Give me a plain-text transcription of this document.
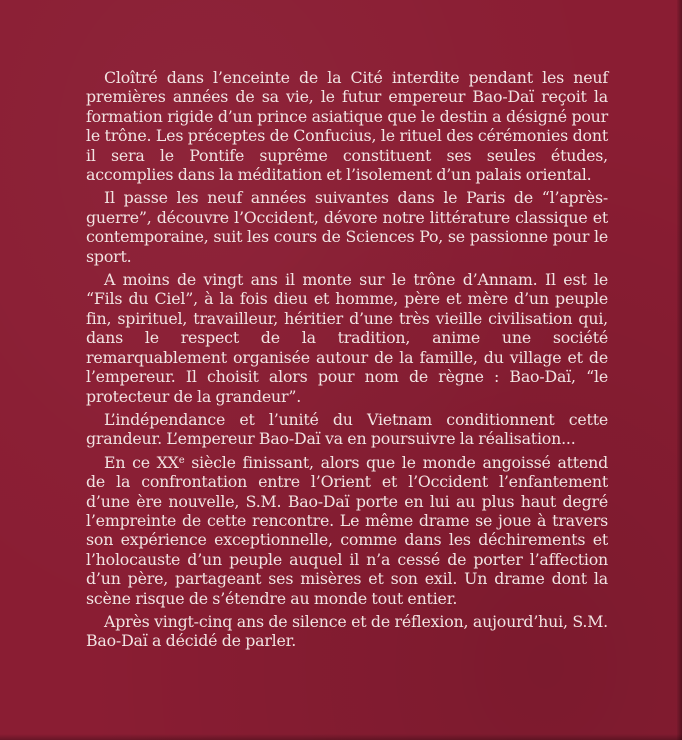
Cloîtré dans l’enceinte de la Cité interdite pendant les neuf premières années de sa vie, le futur empereur Bao-Daï reçoit la formation rigide d’un prince asiatique que le destin a désigné pour le trône. Les préceptes de Confucius, le rituel des cérémonies dont il sera le Pontife suprême constituent ses seules études, accomplies dans la méditation et l’isolement d’un palais oriental.

Il passe les neuf années suivantes dans le Paris de “l’après-guerre”, découvre l’Occident, dévore notre littérature classique et contemporaine, suit les cours de Sciences Po, se passionne pour le sport.

A moins de vingt ans il monte sur le trône d’Annam. Il est le “Fils du Ciel”, à la fois dieu et homme, père et mère d’un peuple fin, spirituel, travailleur, héritier d’une très vieille civilisation qui, dans le respect de la tradition, anime une société remarquablement organisée autour de la famille, du village et de l’empereur. Il choisit alors pour nom de règne : Bao-Daï, “le protecteur de la grandeur”.

L’indépendance et l’unité du Vietnam conditionnent cette grandeur. L’empereur Bao-Daï va en poursuivre la réalisation...

En ce XXe siècle finissant, alors que le monde angoissé attend de la confrontation entre l’Orient et l’Occident l’enfantement d’une ère nouvelle, S.M. Bao-Daï porte en lui au plus haut degré l’empreinte de cette rencontre. Le même drame se joue à travers son expérience exceptionnelle, comme dans les déchirements et l’holocauste d’un peuple auquel il n’a cessé de porter l’affection d’un père, partageant ses misères et son exil. Un drame dont la scène risque de s’étendre au monde tout entier.

Après vingt-cinq ans de silence et de réflexion, aujourd’hui, S.M. Bao-Daï a décidé de parler.
